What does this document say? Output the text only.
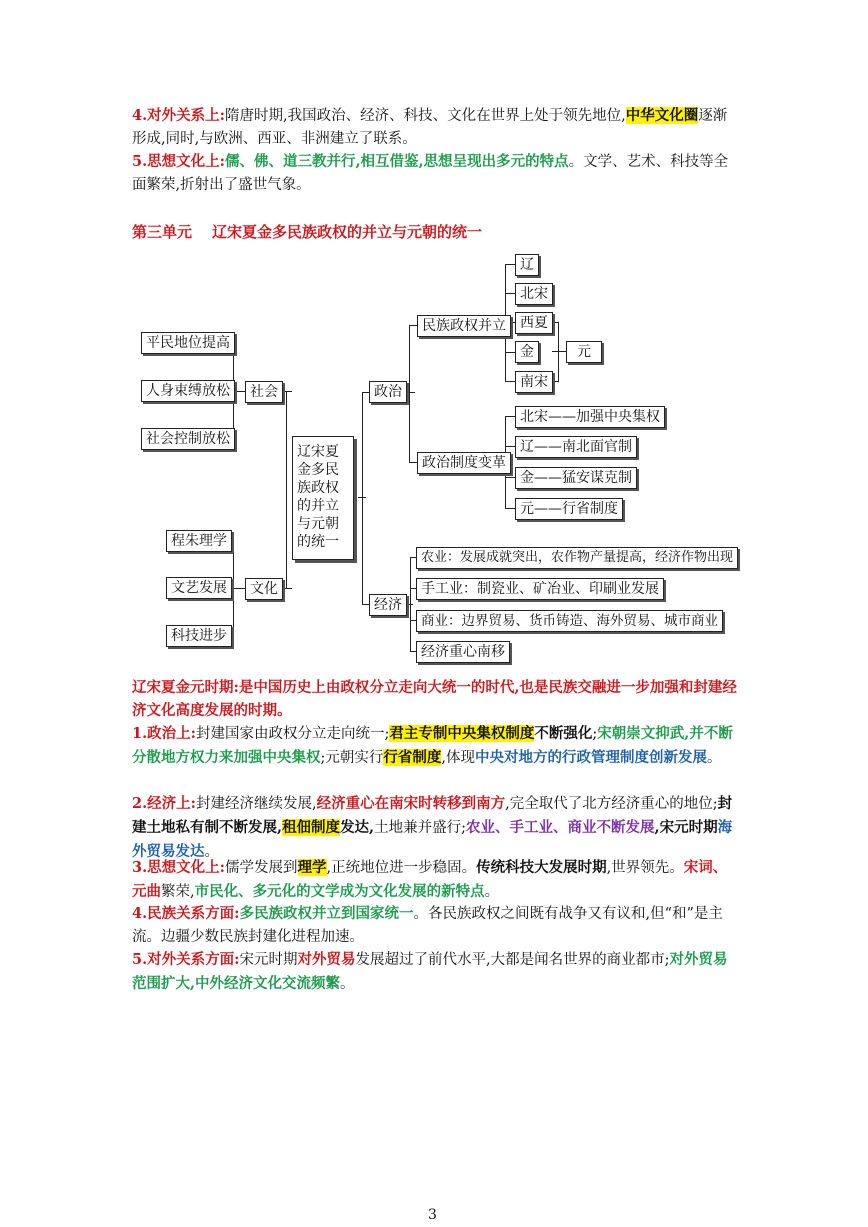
4.对外关系上:隋唐时期,我国政治、经济、科技、文化在世界上处于领先地位,中华文化圈逐渐形成,同时,与欧洲、西亚、非洲建立了联系。
5.思想文化上:儒、佛、道三教并行,相互借鉴,思想呈现出多元的特点。文学、艺术、科技等全面繁荣,折射出了盛世气象。
第三单元 辽宋夏金多民族政权的并立与元朝的统一
平民地位提高
人身束缚放松
社会控制放松
社会
程朱理学
文艺发展
科技进步
文化
辽宋夏金多民族政权的并立与元朝的统一
政治
经济
民族政权并立
辽
北宋
西夏
金
南宋
元
政治制度变革
北宋——加强中央集权
辽——南北面官制
金——猛安谋克制
元——行省制度
农业：发展成就突出，农作物产量提高，经济作物出现
手工业：制瓷业、矿冶业、印刷业发展
商业：边界贸易、货币铸造、海外贸易、城市商业
经济重心南移
辽宋夏金元时期:是中国历史上由政权分立走向大统一的时代,也是民族交融进一步加强和封建经济文化高度发展的时期。
1.政治上:封建国家由政权分立走向统一;君主专制中央集权制度不断强化;宋朝崇文抑武,并不断分散地方权力来加强中央集权;元朝实行行省制度,体现中央对地方的行政管理制度创新发展。
2.经济上:封建经济继续发展,经济重心在南宋时转移到南方,完全取代了北方经济重心的地位;封建土地私有制不断发展,租佃制度发达,土地兼并盛行;农业、手工业、商业不断发展,宋元时期海外贸易发达。
3.思想文化上:儒学发展到理学,正统地位进一步稳固。传统科技大发展时期,世界领先。宋词、元曲繁荣,市民化、多元化的文学成为文化发展的新特点。
4.民族关系方面:多民族政权并立到国家统一。各民族政权之间既有战争又有议和,但“和”是主流。边疆少数民族封建化进程加速。
5.对外关系方面:宋元时期对外贸易发展超过了前代水平,大都是闻名世界的商业都市;对外贸易范围扩大,中外经济文化交流频繁。
3
